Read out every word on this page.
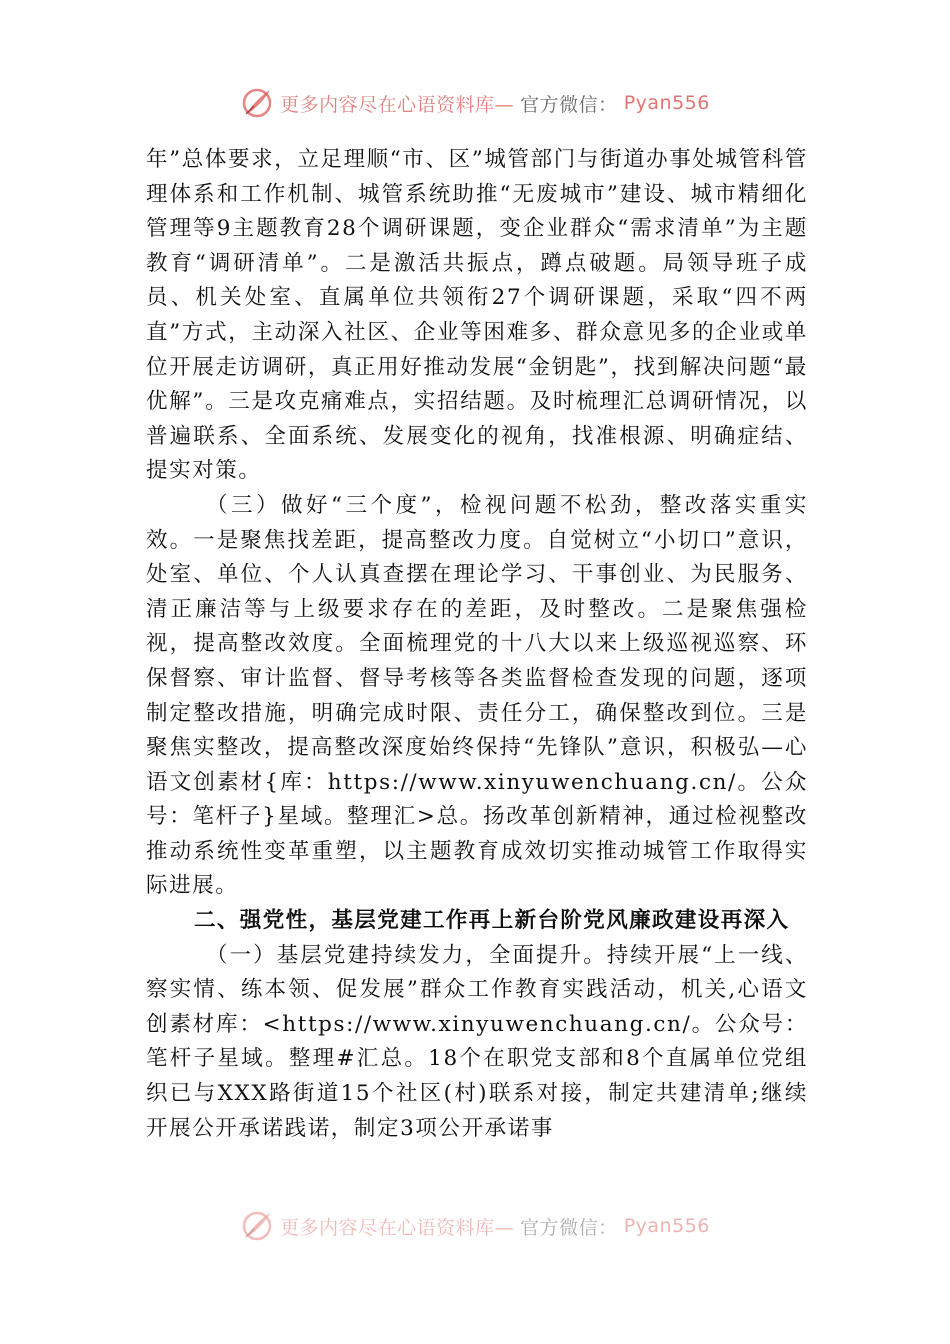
更多内容尽在心语资料库— 官方微信： Pyan556

年”总体要求，立足理顺“市、区”城管部门与街道办事处城管科管理体系和工作机制、城管系统助推“无废城市”建设、城市精细化管理等9主题教育28个调研课题，变企业群众“需求清单”为主题教育“调研清单”。二是激活共振点，蹲点破题。局领导班子成员、机关处室、直属单位共领衔27个调研课题，采取“四不两直”方式，主动深入社区、企业等困难多、群众意见多的企业或单位开展走访调研，真正用好推动发展“金钥匙”，找到解决问题“最优解”。三是攻克痛难点，实招结题。及时梳理汇总调研情况，以普遍联系、全面系统、发展变化的视角，找准根源、明确症结、提实对策。

（三）做好“三个度”，检视问题不松劲，整改落实重实效。一是聚焦找差距，提高整改力度。自觉树立“小切口”意识，处室、单位、个人认真查摆在理论学习、干事创业、为民服务、清正廉洁等与上级要求存在的差距，及时整改。二是聚焦强检视，提高整改效度。全面梳理党的十八大以来上级巡视巡察、环保督察、审计监督、督导考核等各类监督检查发现的问题，逐项制定整改措施，明确完成时限、责任分工，确保整改到位。三是聚焦实整改，提高整改深度始终保持“先锋队”意识，积极弘—心语文创素材{库：https://www.xinyuwenchuang.cn/。公众号：笔杆子}星域。整理汇>总。扬改革创新精神，通过检视整改推动系统性变革重塑，以主题教育成效切实推动城管工作取得实际进展。

二、强党性，基层党建工作再上新台阶党风廉政建设再深入

（一）基层党建持续发力，全面提升。持续开展“上一线、察实情、练本领、促发展”群众工作教育实践活动，机关,心语文创素材库：<https://www.xinyuwenchuang.cn/。公众号：笔杆子星域。整理#汇总。18个在职党支部和8个直属单位党组织已与XXX路街道15个社区(村)联系对接，制定共建清单;继续开展公开承诺践诺，制定3项公开承诺事

更多内容尽在心语资料库— 官方微信： Pyan556
